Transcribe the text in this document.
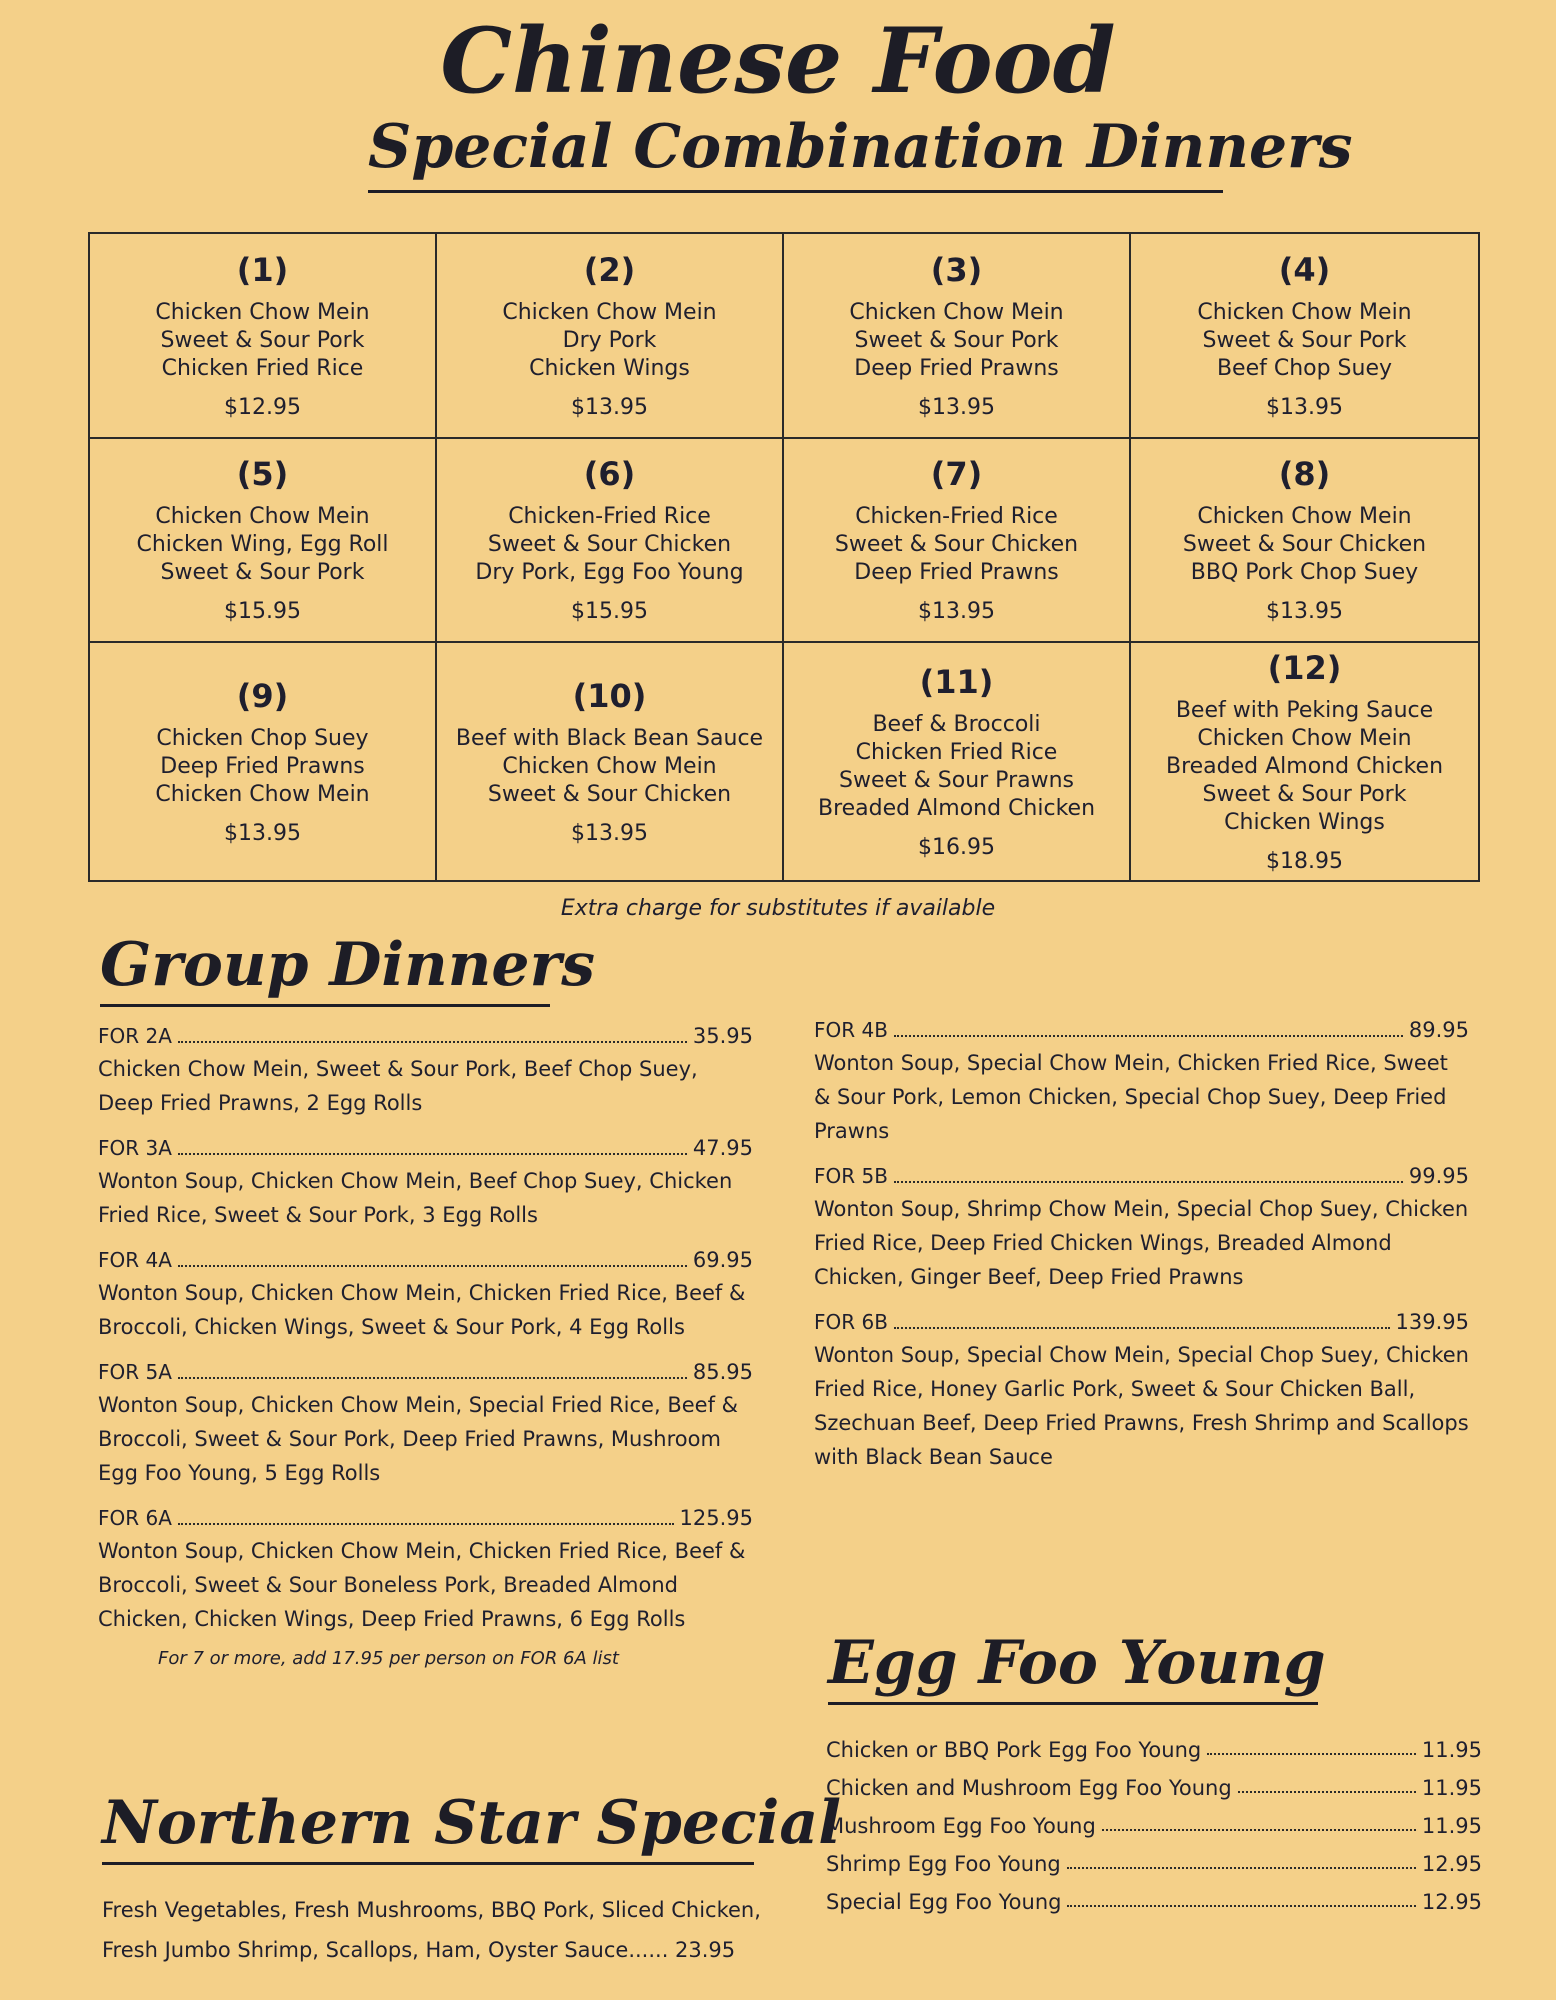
Chinese Food
Special Combination Dinners
(1)
Chicken Chow Mein
Sweet & Sour Pork
Chicken Fried Rice
$12.95
(2)
Chicken Chow Mein
Dry Pork
Chicken Wings
$13.95
(3)
Chicken Chow Mein
Sweet & Sour Pork
Deep Fried Prawns
$13.95
(4)
Chicken Chow Mein
Sweet & Sour Pork
Beef Chop Suey
$13.95
(5)
Chicken Chow Mein
Chicken Wing, Egg Roll
Sweet & Sour Pork
$15.95
(6)
Chicken-Fried Rice
Sweet & Sour Chicken
Dry Pork, Egg Foo Young
$15.95
(7)
Chicken-Fried Rice
Sweet & Sour Chicken
Deep Fried Prawns
$13.95
(8)
Chicken Chow Mein
Sweet & Sour Chicken
BBQ Pork Chop Suey
$13.95
(9)
Chicken Chop Suey
Deep Fried Prawns
Chicken Chow Mein
$13.95
(10)
Beef with Black Bean Sauce
Chicken Chow Mein
Sweet & Sour Chicken
$13.95
(11)
Beef & Broccoli
Chicken Fried Rice
Sweet & Sour Prawns
Breaded Almond Chicken
$16.95
(12)
Beef with Peking Sauce
Chicken Chow Mein
Breaded Almond Chicken
Sweet & Sour Pork
Chicken Wings
$18.95
Extra charge for substitutes if available
Group Dinners
FOR 2A	35.95
Chicken Chow Mein, Sweet & Sour Pork, Beef Chop Suey, Deep Fried Prawns, 2 Egg Rolls
FOR 3A	47.95
Wonton Soup, Chicken Chow Mein, Beef Chop Suey, Chicken Fried Rice, Sweet & Sour Pork, 3 Egg Rolls
FOR 4A	69.95
Wonton Soup, Chicken Chow Mein, Chicken Fried Rice, Beef & Broccoli, Chicken Wings, Sweet & Sour Pork, 4 Egg Rolls
FOR 5A	85.95
Wonton Soup, Chicken Chow Mein, Special Fried Rice, Beef & Broccoli, Sweet & Sour Pork, Deep Fried Prawns, Mushroom Egg Foo Young, 5 Egg Rolls
FOR 6A	125.95
Wonton Soup, Chicken Chow Mein, Chicken Fried Rice, Beef & Broccoli, Sweet & Sour Boneless Pork, Breaded Almond Chicken, Chicken Wings, Deep Fried Prawns, 6 Egg Rolls
For 7 or more, add 17.95 per person on FOR 6A list
FOR 4B	89.95
Wonton Soup, Special Chow Mein, Chicken Fried Rice, Sweet & Sour Pork, Lemon Chicken, Special Chop Suey, Deep Fried Prawns
FOR 5B	99.95
Wonton Soup, Shrimp Chow Mein, Special Chop Suey, Chicken Fried Rice, Deep Fried Chicken Wings, Breaded Almond Chicken, Ginger Beef, Deep Fried Prawns
FOR 6B	139.95
Wonton Soup, Special Chow Mein, Special Chop Suey, Chicken Fried Rice, Honey Garlic Pork, Sweet & Sour Chicken Ball, Szechuan Beef, Deep Fried Prawns, Fresh Shrimp and Scallops with Black Bean Sauce
Egg Foo Young
Chicken or BBQ Pork Egg Foo Young	11.95
Chicken and Mushroom Egg Foo Young	11.95
Mushroom Egg Foo Young	11.95
Shrimp Egg Foo Young	12.95
Special Egg Foo Young	12.95
Northern Star Special
Fresh Vegetables, Fresh Mushrooms, BBQ Pork, Sliced Chicken, Fresh Jumbo Shrimp, Scallops, Ham, Oyster Sauce...... 23.95
